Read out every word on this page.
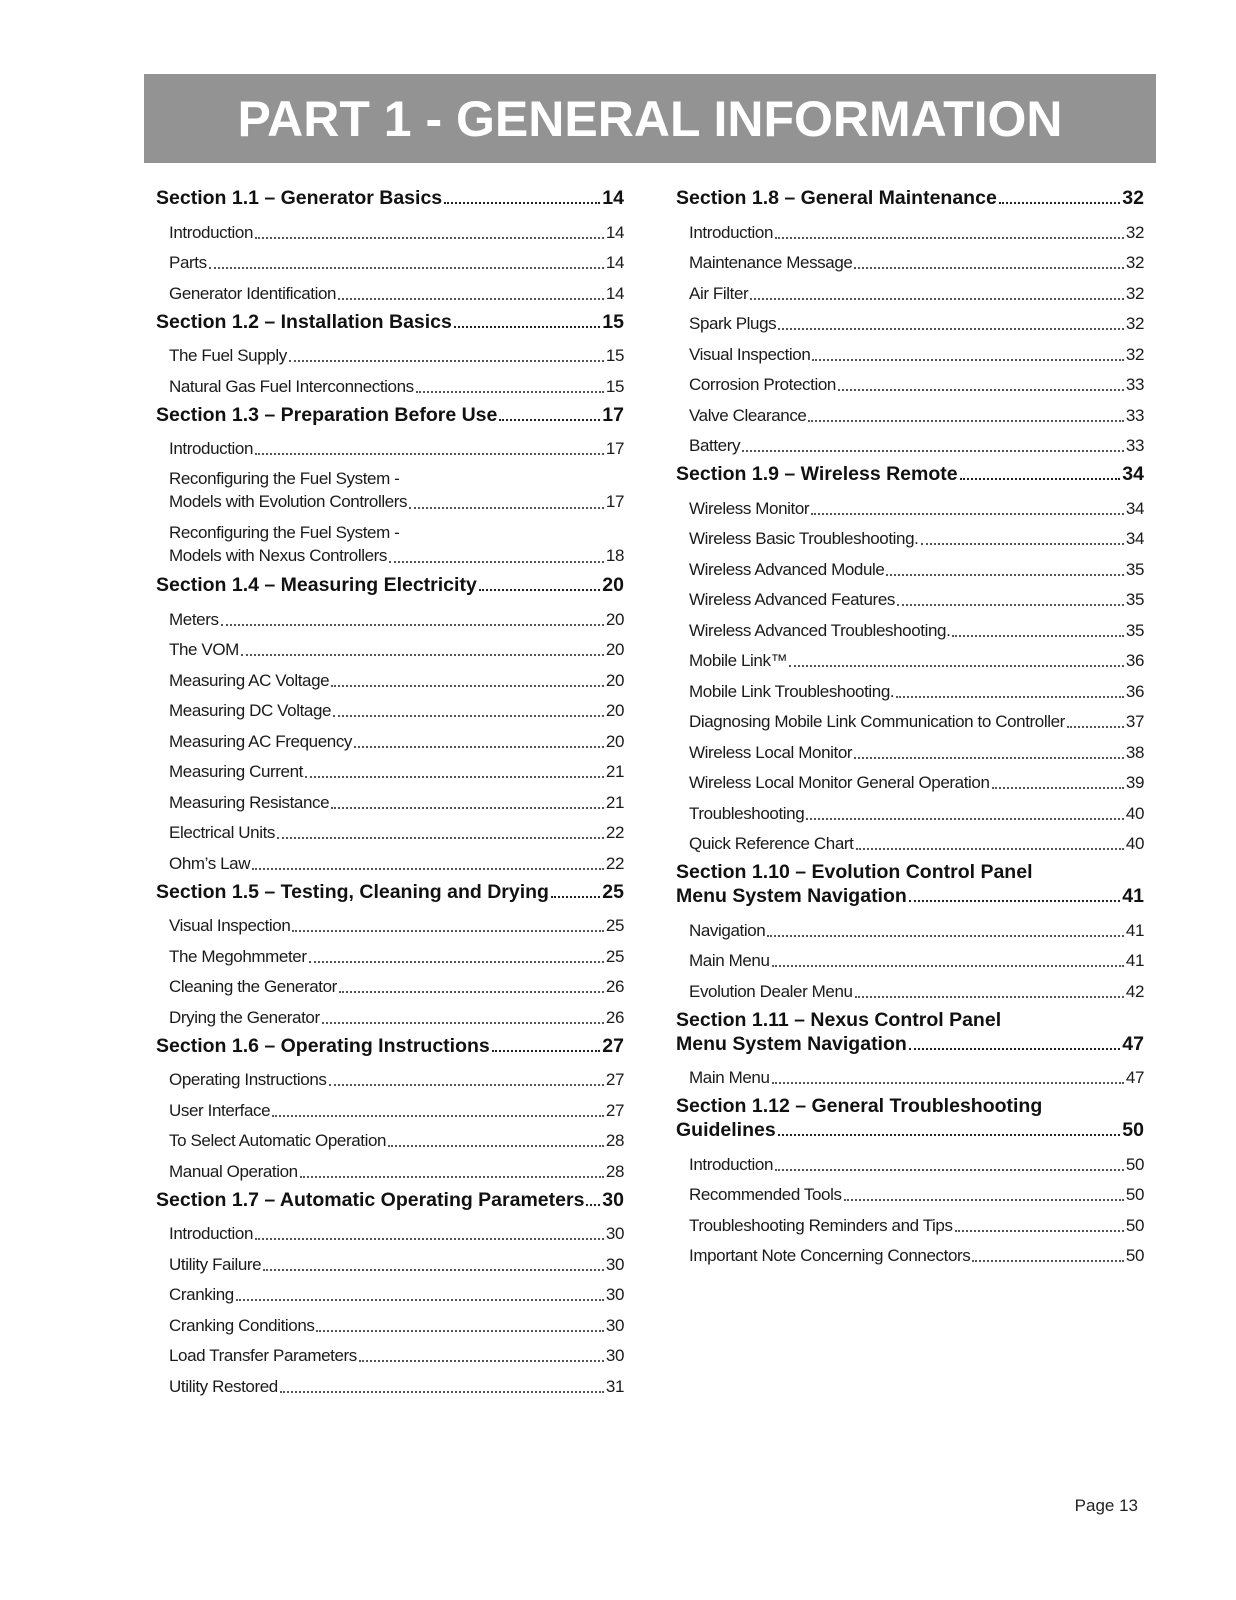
PART 1 - GENERAL INFORMATION
Section 1.1 – Generator Basics	14
Introduction	14
Parts	14
Generator Identification	14
Section 1.2 – Installation Basics	15
The Fuel Supply	15
Natural Gas Fuel Interconnections	15
Section 1.3 – Preparation Before Use	17
Introduction	17
Reconfiguring the Fuel System -
Models with Evolution Controllers	17
Reconfiguring the Fuel System -
Models with Nexus Controllers	18
Section 1.4 – Measuring Electricity	20
Meters	20
The VOM	20
Measuring AC Voltage	20
Measuring DC Voltage	20
Measuring AC Frequency	20
Measuring Current	21
Measuring Resistance	21
Electrical Units	22
Ohm’s Law	22
Section 1.5 – Testing, Cleaning and Drying	25
Visual Inspection	25
The Megohmmeter	25
Cleaning the Generator	26
Drying the Generator	26
Section 1.6 – Operating Instructions	27
Operating Instructions	27
User Interface	27
To Select Automatic Operation	28
Manual Operation	28
Section 1.7 – Automatic Operating Parameters 30
Introduction	30
Utility Failure	30
Cranking	30
Cranking Conditions	30
Load Transfer Parameters	30
Utility Restored	31
Section 1.8 – General Maintenance	32
Introduction	32
Maintenance Message	32
Air Filter	32
Spark Plugs	32
Visual Inspection	32
Corrosion Protection	33
Valve Clearance	33
Battery	33
Section 1.9 – Wireless Remote	34
Wireless Monitor	34
Wireless Basic Troubleshooting.	34
Wireless Advanced Module	35
Wireless Advanced Features	35
Wireless Advanced Troubleshooting.	35
Mobile Link™	36
Mobile Link Troubleshooting.	36
Diagnosing Mobile Link Communication to Controller	37
Wireless Local Monitor	38
Wireless Local Monitor General Operation	39
Troubleshooting	40
Quick Reference Chart	40
Section 1.10 – Evolution Control Panel
Menu System Navigation	41
Navigation	41
Main Menu	41
Evolution Dealer Menu	42
Section 1.11 – Nexus Control Panel
Menu System Navigation	47
Main Menu	47
Section 1.12 – General Troubleshooting
Guidelines	50
Introduction	50
Recommended Tools	50
Troubleshooting Reminders and Tips	50
Important Note Concerning Connectors	50
Page 13
